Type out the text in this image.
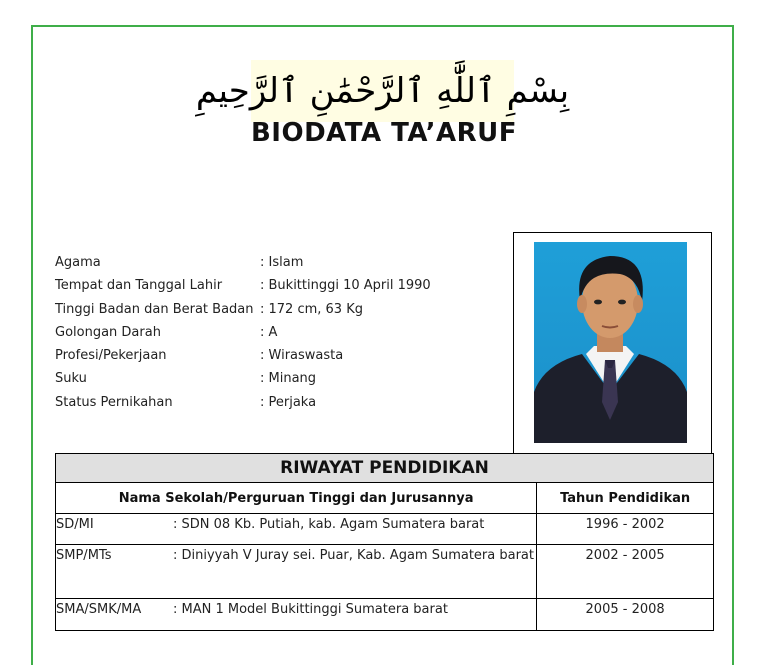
بِسْمِ ٱللَّٰهِ ٱلرَّحْمَٰنِ ٱلرَّحِيمِ
BIODATA TA’ARUF
Agama	: Islam
Tempat dan Tanggal Lahir	: Bukittinggi 10 April 1990
Tinggi Badan dan Berat Badan : 172 cm, 63 Kg
Golongan Darah	: A
Profesi/Pekerjaan	: Wiraswasta
Suku	: Minang
Status Pernikahan	: Perjaka
RIWAYAT PENDIDIKAN	
Nama Sekolah/Perguruan Tinggi dan Jurusannya	Tahun Pendidikan
SD/MI : SDN 08 Kb. Putiah, kab. Agam Sumatera barat	1996 - 2002
SMP/MTs : Diniyyah V Juray sei. Puar, Kab. Agam Sumatera barat	2002 - 2005
SMA/SMK/MA : MAN 1 Model Bukittinggi Sumatera barat	2005 - 2008
